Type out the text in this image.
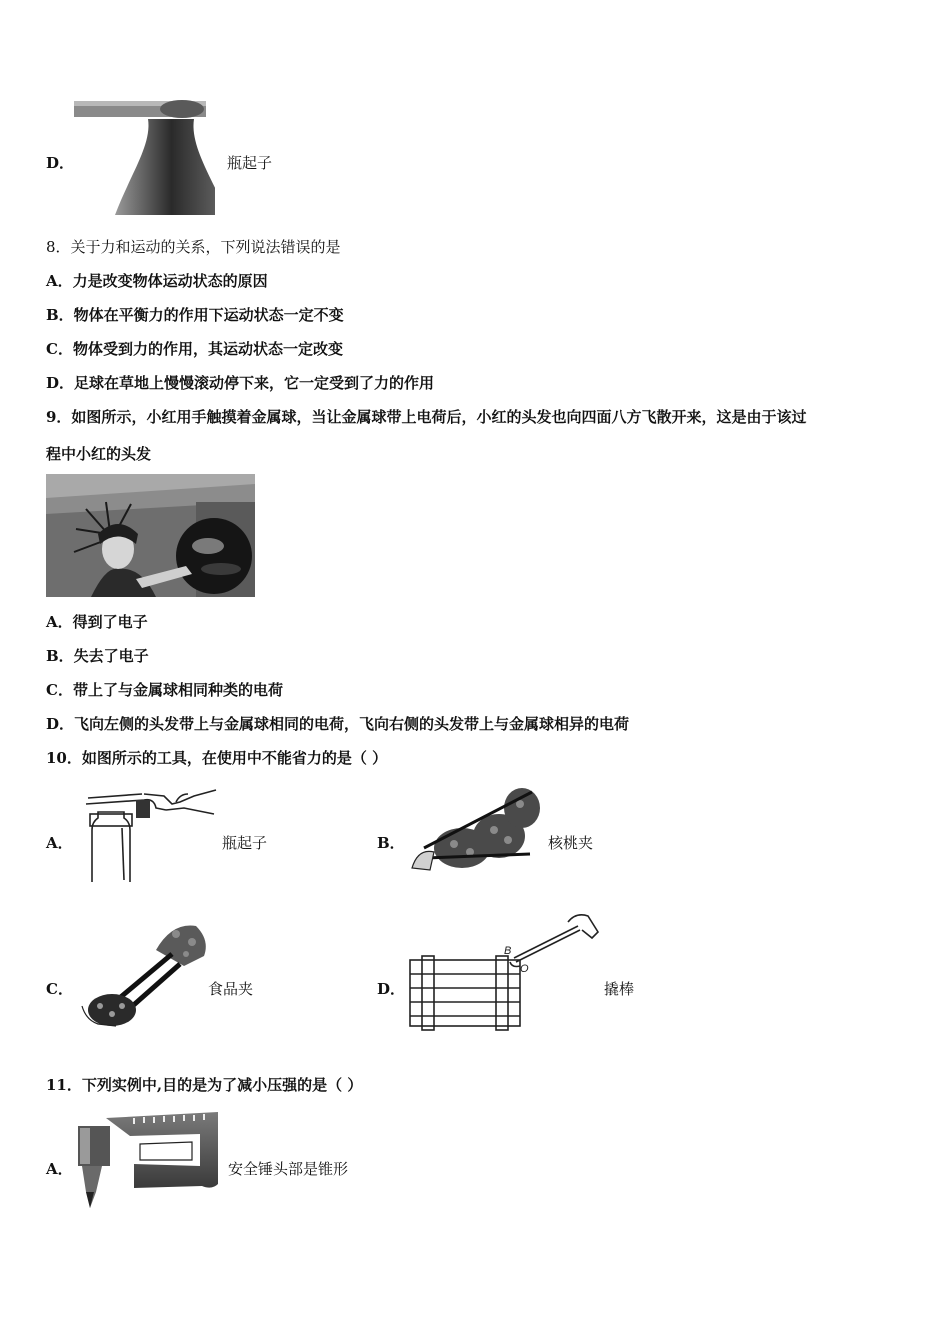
D．	瓶起子
8．关于力和运动的关系，下列说法错误的是
A．力是改变物体运动状态的原因
B．物体在平衡力的作用下运动状态一定不变
C．物体受到力的作用，其运动状态一定改变
D．足球在草地上慢慢滚动停下来，它一定受到了力的作用
9．如图所示，小红用手触摸着金属球，当让金属球带上电荷后，小红的头发也向四面八方飞散开来，这是由于该过
程中小红的头发
A．得到了电子
B．失去了电子
C．带上了与金属球相同种类的电荷
D．飞向左侧的头发带上与金属球相同的电荷，飞向右侧的头发带上与金属球相异的电荷
10．如图所示的工具，在使用中不能省力的是（ ）
A．	瓶起子	B．	核桃夹
C．	食品夹
B
O
D．	撬棒
11．下列实例中,目的是为了减小压强的是（ ）
A．	安全锤头部是锥形
